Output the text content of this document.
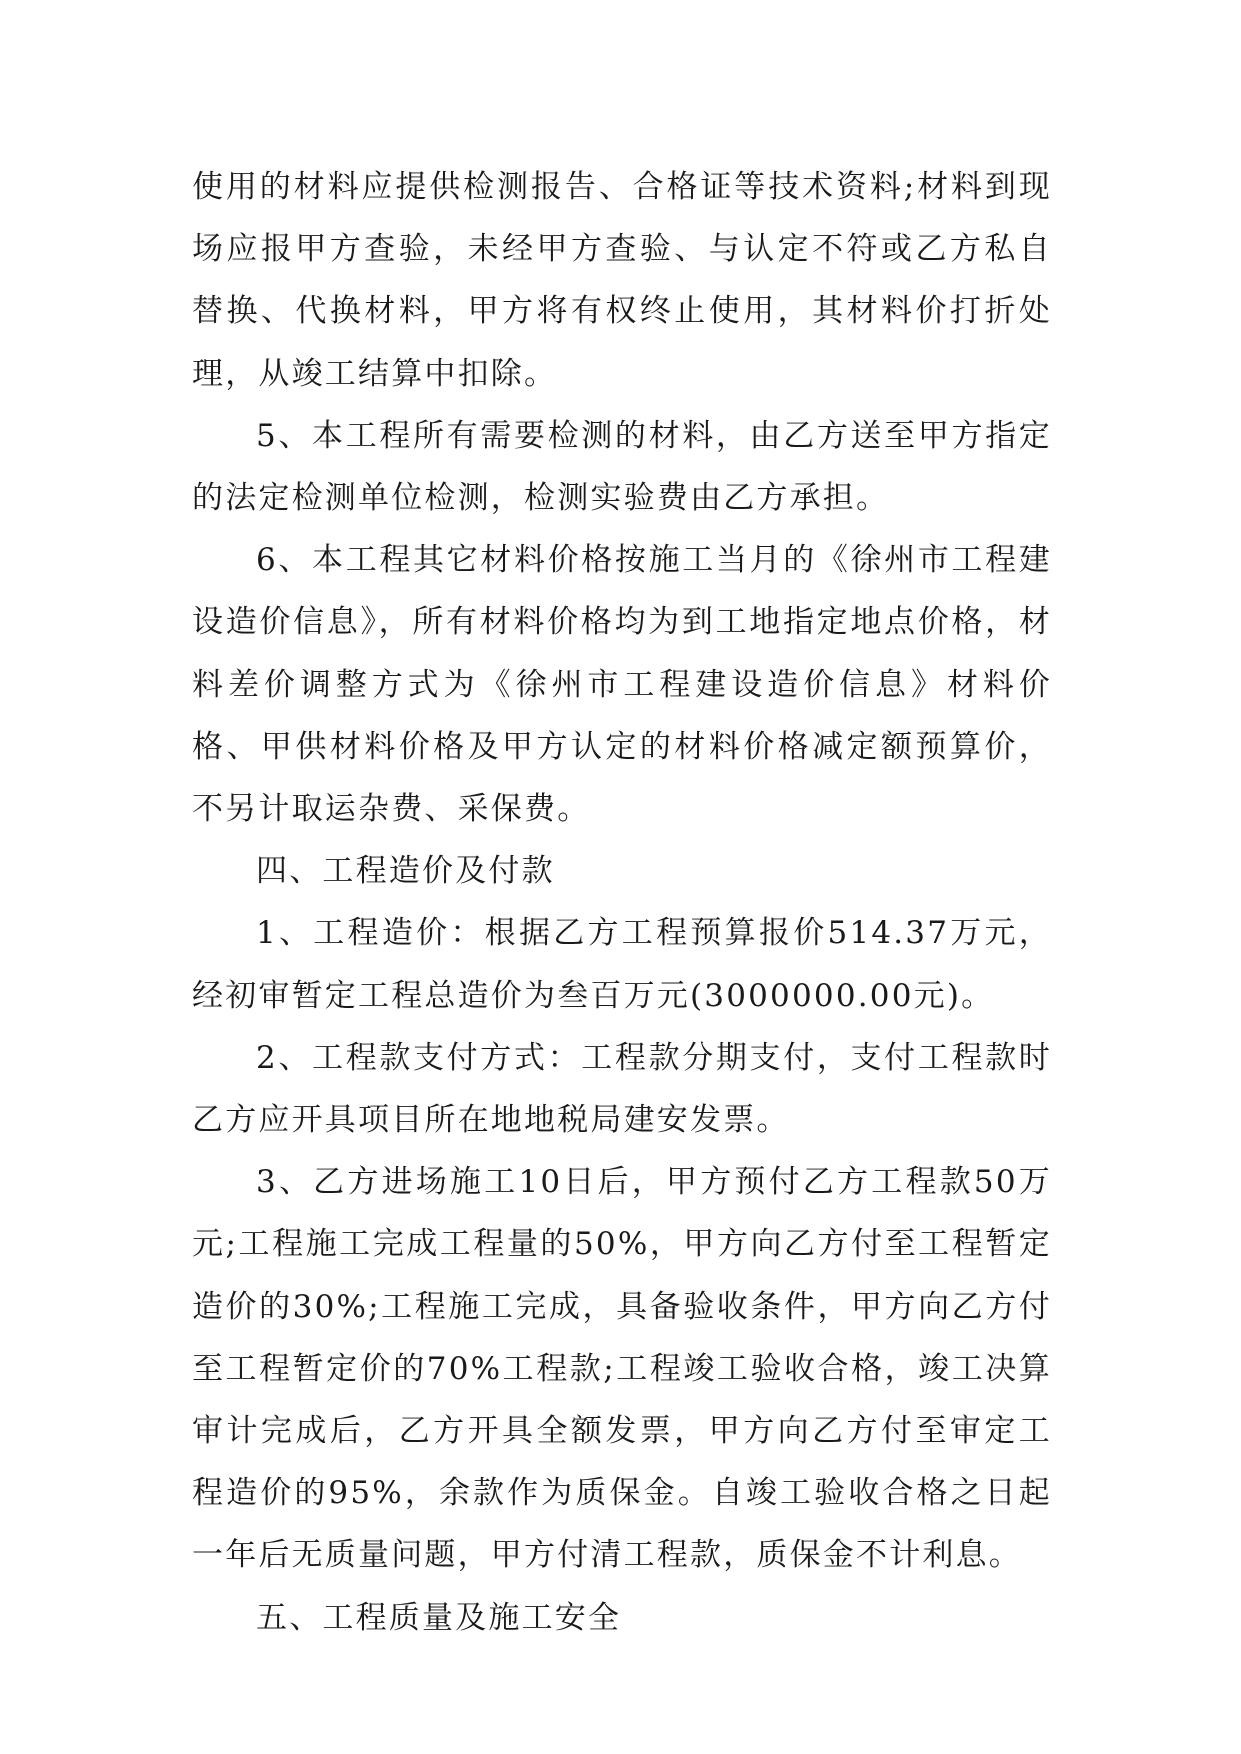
使用的材料应提供检测报告、合格证等技术资料;材料到现场应报甲方查验，未经甲方查验、与认定不符或乙方私自替换、代换材料，甲方将有权终止使用，其材料价打折处理，从竣工结算中扣除。

5、本工程所有需要检测的材料，由乙方送至甲方指定的法定检测单位检测，检测实验费由乙方承担。

6、本工程其它材料价格按施工当月的《徐州市工程建设造价信息》，所有材料价格均为到工地指定地点价格，材料差价调整方式为《徐州市工程建设造价信息》材料价格、甲供材料价格及甲方认定的材料价格减定额预算价，不另计取运杂费、采保费。

四、工程造价及付款

1、工程造价：根据乙方工程预算报价514.37万元，经初审暂定工程总造价为叁百万元(3000000.00元)。

2、工程款支付方式：工程款分期支付，支付工程款时乙方应开具项目所在地地税局建安发票。

3、乙方进场施工10日后，甲方预付乙方工程款50万元;工程施工完成工程量的50%，甲方向乙方付至工程暂定造价的30%;工程施工完成，具备验收条件，甲方向乙方付至工程暂定价的70%工程款;工程竣工验收合格，竣工决算审计完成后，乙方开具全额发票，甲方向乙方付至审定工程造价的95%，余款作为质保金。自竣工验收合格之日起一年后无质量问题，甲方付清工程款，质保金不计利息。

五、工程质量及施工安全
